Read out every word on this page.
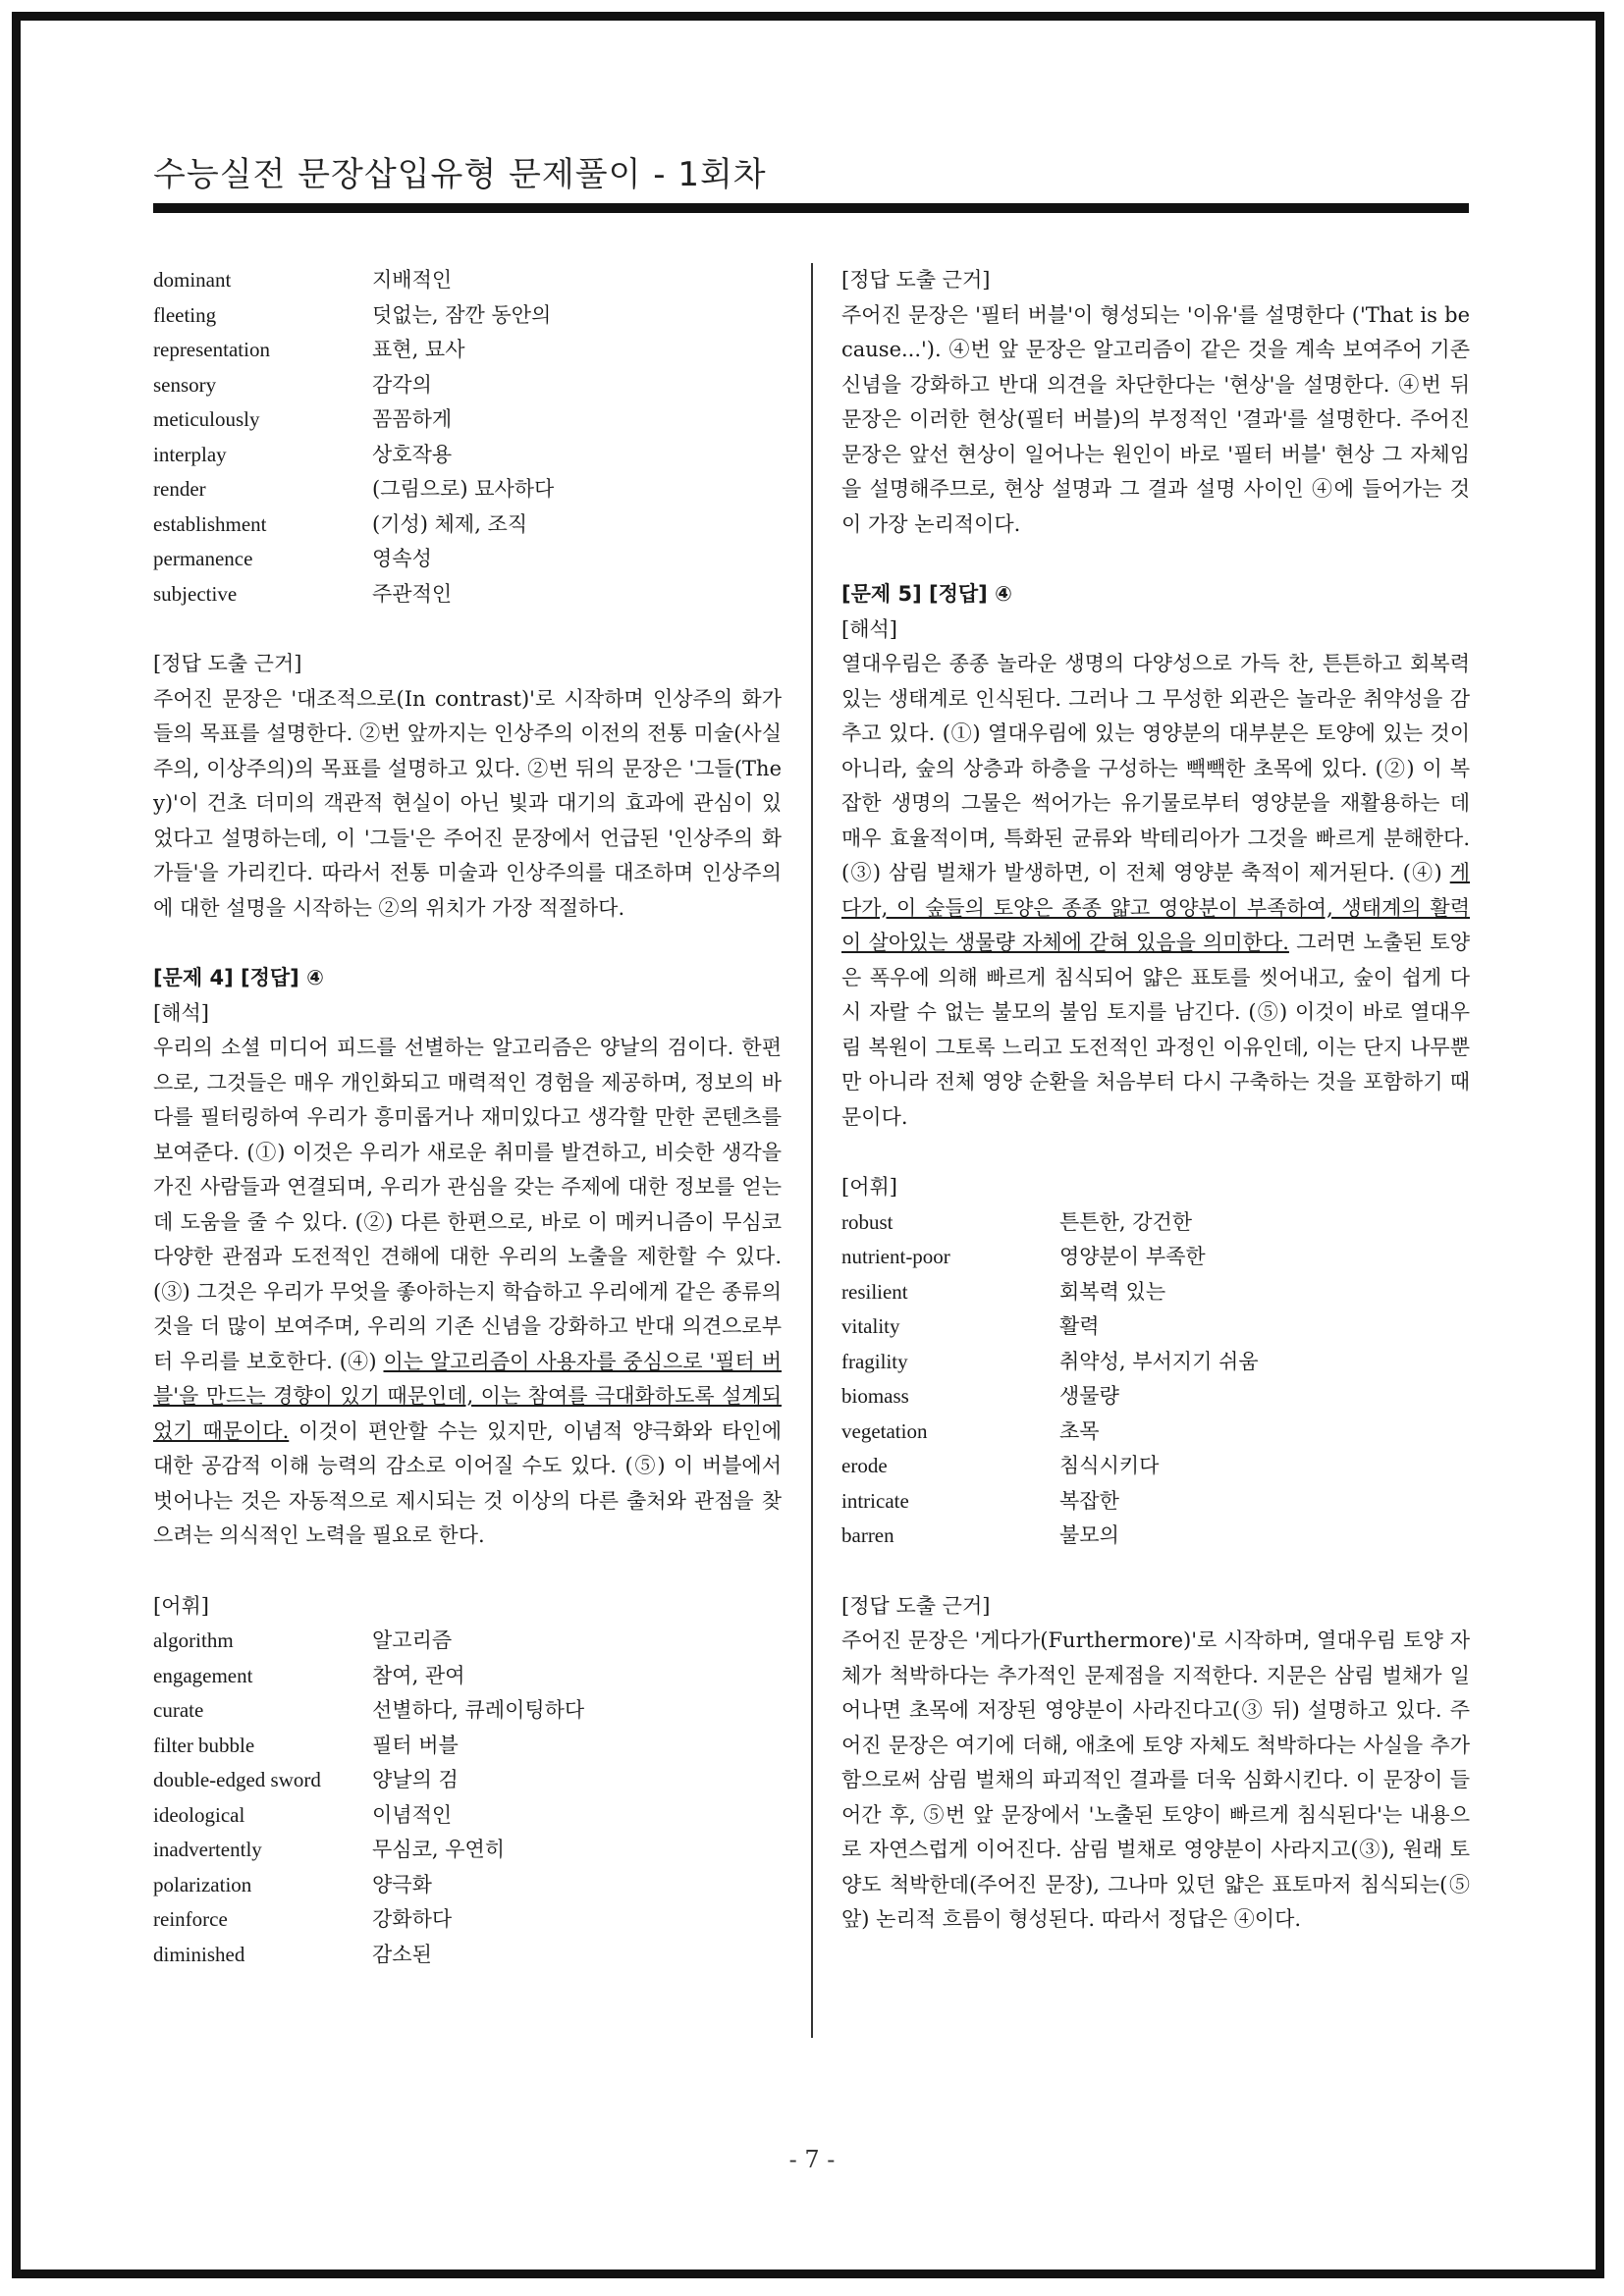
수능실전 문장삽입유형 문제풀이 - 1회차
dominant	지배적인
fleeting	덧없는, 잠깐 동안의
representation	표현, 묘사
sensory	감각의
meticulously	꼼꼼하게
interplay	상호작용
render	(그림으로) 묘사하다
establishment	(기성) 체제, 조직
permanence	영속성
subjective	주관적인
[정답 도출 근거]

주어진 문장은 '대조적으로(In contrast)'로 시작하며 인상주의 화가들의 목표를 설명한다. ②번 앞까지는 인상주의 이전의 전통 미술(사실주의, 이상주의)의 목표를 설명하고 있다. ②번 뒤의 문장은 '그들(They)'이 건초 더미의 객관적 현실이 아닌 빛과 대기의 효과에 관심이 있었다고 설명하는데, 이 '그들'은 주어진 문장에서 언급된 '인상주의 화가들'을 가리킨다. 따라서 전통 미술과 인상주의를 대조하며 인상주의에 대한 설명을 시작하는 ②의 위치가 가장 적절하다.

[문제 4] [정답] ④
[해석]

우리의 소셜 미디어 피드를 선별하는 알고리즘은 양날의 검이다. 한편으로, 그것들은 매우 개인화되고 매력적인 경험을 제공하며, 정보의 바다를 필터링하여 우리가 흥미롭거나 재미있다고 생각할 만한 콘텐츠를 보여준다. (①) 이것은 우리가 새로운 취미를 발견하고, 비슷한 생각을 가진 사람들과 연결되며, 우리가 관심을 갖는 주제에 대한 정보를 얻는 데 도움을 줄 수 있다. (②) 다른 한편으로, 바로 이 메커니즘이 무심코 다양한 관점과 도전적인 견해에 대한 우리의 노출을 제한할 수 있다. (③) 그것은 우리가 무엇을 좋아하는지 학습하고 우리에게 같은 종류의 것을 더 많이 보여주며, 우리의 기존 신념을 강화하고 반대 의견으로부터 우리를 보호한다. (④) 이는 알고리즘이 사용자를 중심으로 '필터 버블'을 만드는 경향이 있기 때문인데, 이는 참여를 극대화하도록 설계되었기 때문이다. 이것이 편안할 수는 있지만, 이념적 양극화와 타인에 대한 공감적 이해 능력의 감소로 이어질 수도 있다. (⑤) 이 버블에서 벗어나는 것은 자동적으로 제시되는 것 이상의 다른 출처와 관점을 찾으려는 의식적인 노력을 필요로 한다.

[어휘]
algorithm	알고리즘
engagement	참여, 관여
curate	선별하다, 큐레이팅하다
filter bubble	필터 버블
double-edged sword	양날의 검
ideological	이념적인
inadvertently	무심코, 우연히
polarization	양극화
reinforce	강화하다
diminished	감소된
[정답 도출 근거]

주어진 문장은 '필터 버블'이 형성되는 '이유'를 설명한다 ('That is because...'). ④번 앞 문장은 알고리즘이 같은 것을 계속 보여주어 기존 신념을 강화하고 반대 의견을 차단한다는 '현상'을 설명한다. ④번 뒤 문장은 이러한 현상(필터 버블)의 부정적인 '결과'를 설명한다. 주어진 문장은 앞선 현상이 일어나는 원인이 바로 '필터 버블' 현상 그 자체임을 설명해주므로, 현상 설명과 그 결과 설명 사이인 ④에 들어가는 것이 가장 논리적이다.

[문제 5] [정답] ④
[해석]

열대우림은 종종 놀라운 생명의 다양성으로 가득 찬, 튼튼하고 회복력 있는 생태계로 인식된다. 그러나 그 무성한 외관은 놀라운 취약성을 감추고 있다. (①) 열대우림에 있는 영양분의 대부분은 토양에 있는 것이 아니라, 숲의 상층과 하층을 구성하는 빽빽한 초목에 있다. (②) 이 복잡한 생명의 그물은 썩어가는 유기물로부터 영양분을 재활용하는 데 매우 효율적이며, 특화된 균류와 박테리아가 그것을 빠르게 분해한다. (③) 삼림 벌채가 발생하면, 이 전체 영양분 축적이 제거된다. (④) 게다가, 이 숲들의 토양은 종종 얇고 영양분이 부족하여, 생태계의 활력이 살아있는 생물량 자체에 갇혀 있음을 의미한다. 그러면 노출된 토양은 폭우에 의해 빠르게 침식되어 얇은 표토를 씻어내고, 숲이 쉽게 다시 자랄 수 없는 불모의 불임 토지를 남긴다. (⑤) 이것이 바로 열대우림 복원이 그토록 느리고 도전적인 과정인 이유인데, 이는 단지 나무뿐만 아니라 전체 영양 순환을 처음부터 다시 구축하는 것을 포함하기 때문이다.

[어휘]
robust	튼튼한, 강건한
nutrient-poor	영양분이 부족한
resilient	회복력 있는
vitality	활력
fragility	취약성, 부서지기 쉬움
biomass	생물량
vegetation	초목
erode	침식시키다
intricate	복잡한
barren	불모의
[정답 도출 근거]

주어진 문장은 '게다가(Furthermore)'로 시작하며, 열대우림 토양 자체가 척박하다는 추가적인 문제점을 지적한다. 지문은 삼림 벌채가 일어나면 초목에 저장된 영양분이 사라진다고(③ 뒤) 설명하고 있다. 주어진 문장은 여기에 더해, 애초에 토양 자체도 척박하다는 사실을 추가함으로써 삼림 벌채의 파괴적인 결과를 더욱 심화시킨다. 이 문장이 들어간 후, ⑤번 앞 문장에서 '노출된 토양이 빠르게 침식된다'는 내용으로 자연스럽게 이어진다. 삼림 벌채로 영양분이 사라지고(③), 원래 토양도 척박한데(주어진 문장), 그나마 있던 얇은 표토마저 침식되는(⑤ 앞) 논리적 흐름이 형성된다. 따라서 정답은 ④이다.

- 7 -
